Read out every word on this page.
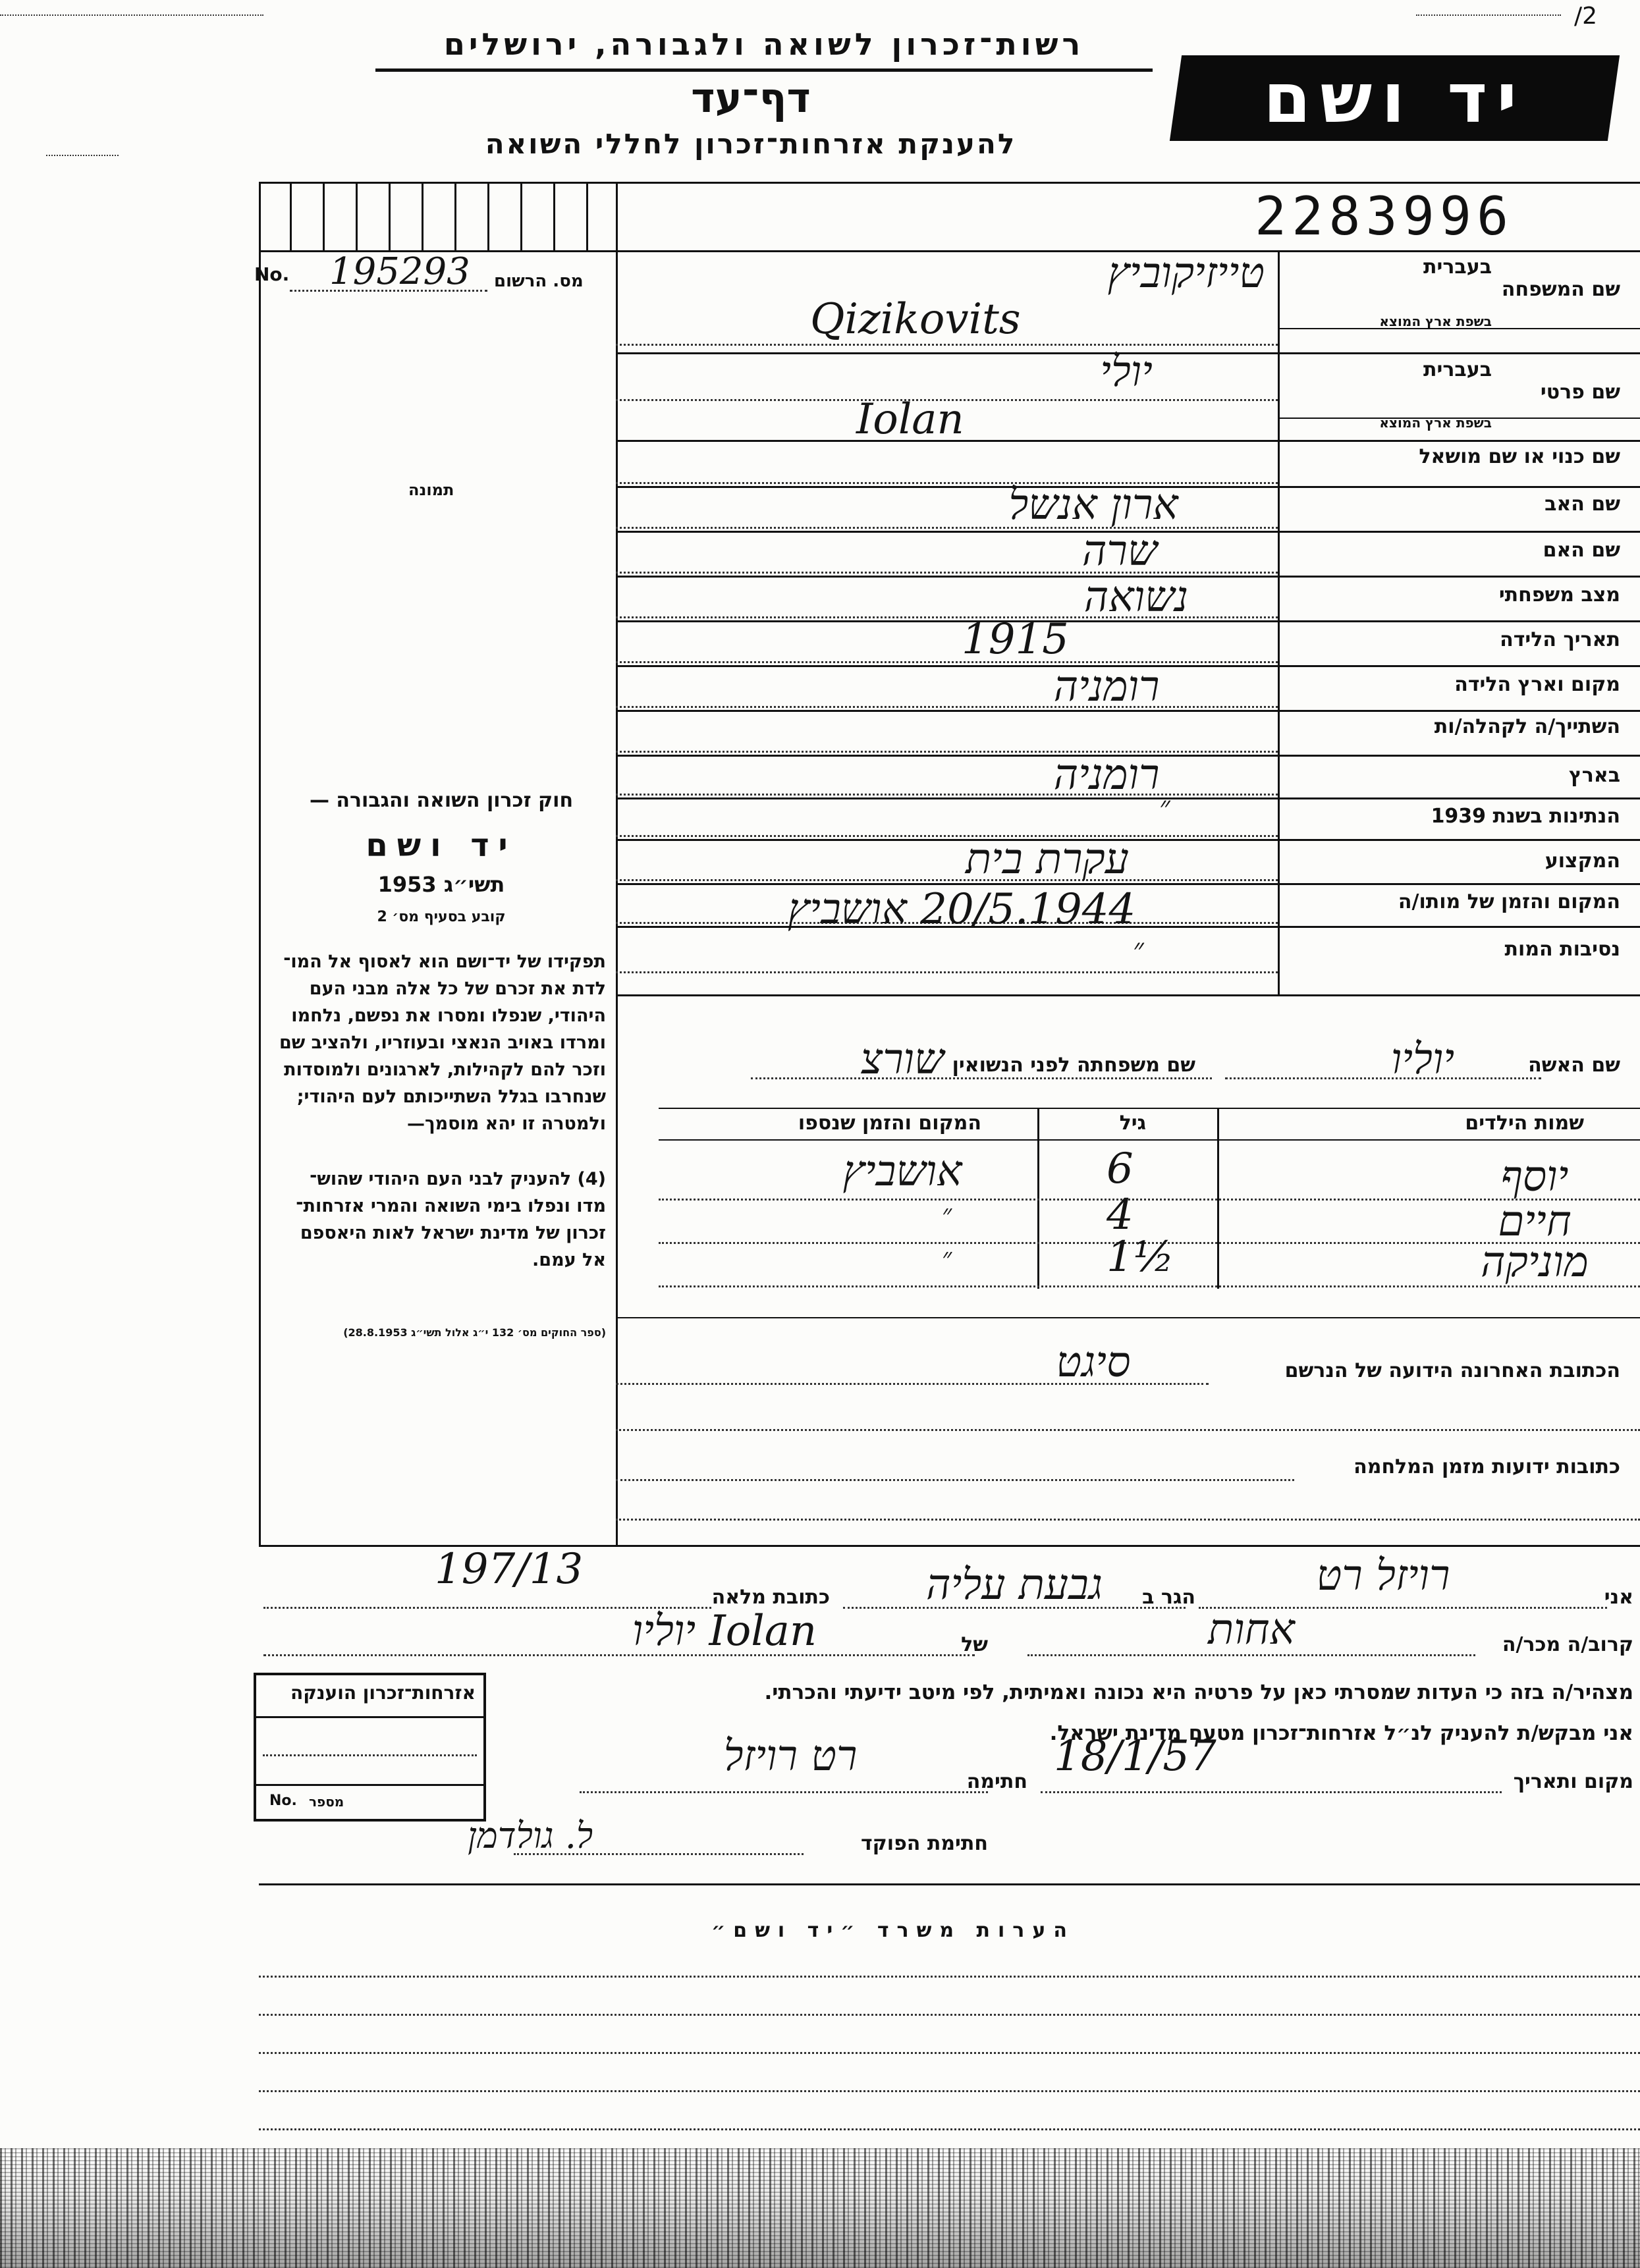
רשות־זכרון לשואה ולגבורה, ירושלים
דף־עד
להענקת אזרחות־זכרון לחללי השואה
יד ושם
/2
2283996
No. 195293 מס. הרשום
תמונה
חוק זכרון השואה והגבורה —
יד ושם
תשי״ג 1953
קובע בסעיף מס׳ 2
תפקידו של יד־ושם הוא לאסוף אל המו־
לדת את זכרם של כל אלה מבני העם
היהודי, שנפלו ומסרו את נפשם, נלחמו
ומרדו באויב הנאצי ובעוזריו, ולהציב שם
וזכר להם לקהילות, לארגונים ולמוסדות
שנחרבו בגלל השתייכותם לעם היהודי;
ולמטרה זו יהא מוסמך—
(4) להעניק לבני העם היהודי שהוש־
מדו ונפלו בימי השואה והמרי אזרחות־
זכרון של מדינת ישראל לאות היאספם
אל עמם.
(ספר החוקים מס׳ 132 י״ג אלול תשי״ג 28.8.1953)
שם המשפחה
בעברית
בשפת ארץ המוצא
שם פרטי
בעברית
בשפת ארץ המוצא
שם כנוי או שם מושאל
שם האב
שם האם
מצב משפחתי
תאריך הלידה
מקום וארץ הלידה
השתייך/ה לקהלה/ות
בארץ
הנתינות בשנת 1939
המקצוע
המקום והזמן של מותו/ה
נסיבות המות
טייזיקוביץ
Qizikovits
יולי
Iolan
ארון אנשל
שרה
נשואה
1915
רומניה
רומניה
״
עקרת בית
20/5.1944 אושביץ
״
שם האשה
יוליו
שם משפחתה לפני הנשואין
שורצ
שמות הילדים
גיל
המקום והזמן שנספו
יוסף
6
אושביץ
חיים
4
״
מוניקה
1½
״
הכתובת האחרונה הידועה של הנרשם
סיגט
כתובות ידועות מזמן המלחמה
אני
רויזל רט
הגר ב
גבעת עליה
כתובת מלאה
197/13
קרוב/ה מכר/ה
אחות
של
יוליו Iolan
מצהיר/ה בזה כי העדות שמסרתי כאן על פרטיה היא נכונה ואמיתית, לפי מיטב ידיעתי והכרתי.
אני מבקש/ת להעניק לנ״ל אזרחות־זכרון מטעם מדינת ישראל.
מקום ותאריך
18/1/57
חתימה
רט רויזל
חתימת הפוקד
ל. גולדמן
אזרחות־זכרון הוענקה
No. מספר
הערות משרד ״יד ושם״
